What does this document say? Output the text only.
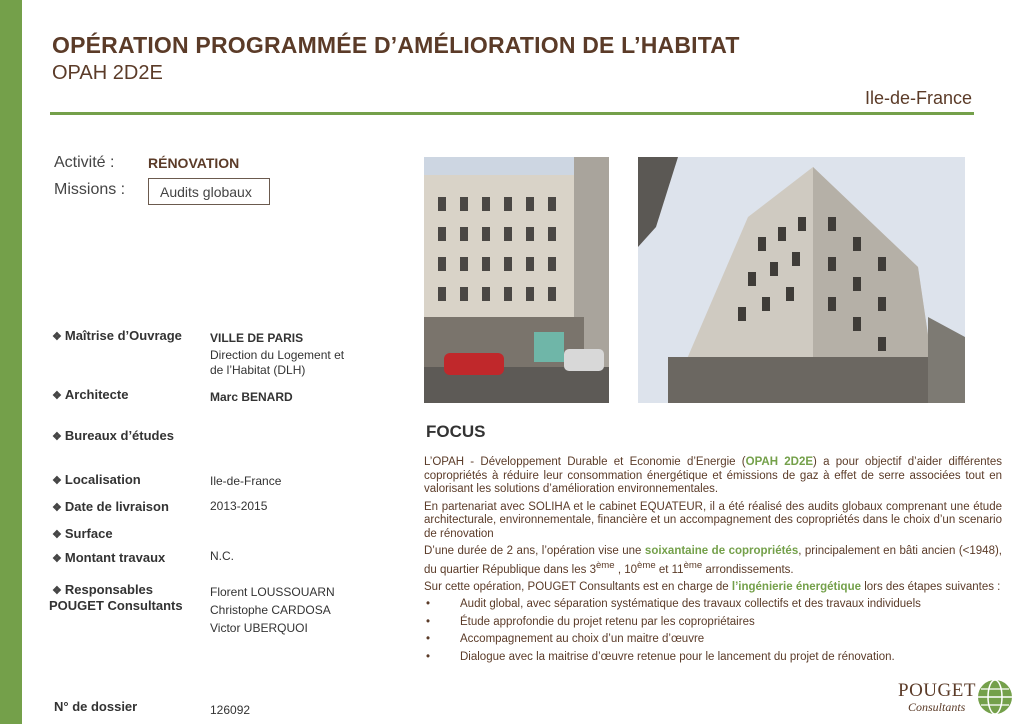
OPÉRATION PROGRAMMÉE D’AMÉLIORATION DE L’HABITAT
OPAH 2D2E
Ile-de-France
Activité : RÉNOVATION
Missions :	Audits globaux
❖ Maîtrise d’Ouvrage VILLE DE PARIS
Direction du Logement et
de l’Habitat (DLH)
❖ Architecte	Marc BENARD
❖ Bureaux d’études
❖ Localisation	Ile-de-France
❖ Date de livraison	2013-2015
❖ Surface
❖ Montant travaux	N.C.
❖ Responsables
POUGET Consultants
Florent LOUSSOUARN
Christophe CARDOSA
Victor UBERQUOI
N° de dossier	126092
FOCUS

L’OPAH - Développement Durable et Economie d’Energie (OPAH 2D2E) a pour objectif d’aider différentes copropriétés à réduire leur consommation énergétique et émissions de gaz à effet de serre associées tout en valorisant les solutions d’amélioration environnementales.

En partenariat avec SOLIHA et le cabinet EQUATEUR, il a été réalisé des audits globaux comprenant une étude architecturale, environnementale, financière et un accompagnement des copropriétés dans le choix d’un scenario de rénovation

D’une durée de 2 ans, l’opération vise une soixantaine de copropriétés, principalement en bâti ancien (<1948), du quartier République dans les 3ème , 10ème et 11ème arrondissements.

Sur cette opération, POUGET Consultants est en charge de l’ingénierie énergétique lors des étapes suivantes :

• Audit global, avec séparation systématique des travaux collectifs et des travaux individuels
• Étude approfondie du projet retenu par les copropriétaires
• Accompagnement au choix d’un maitre d’œuvre
• Dialogue avec la maitrise d’œuvre retenue pour le lancement du projet de rénovation.
POUGET
Consultants
